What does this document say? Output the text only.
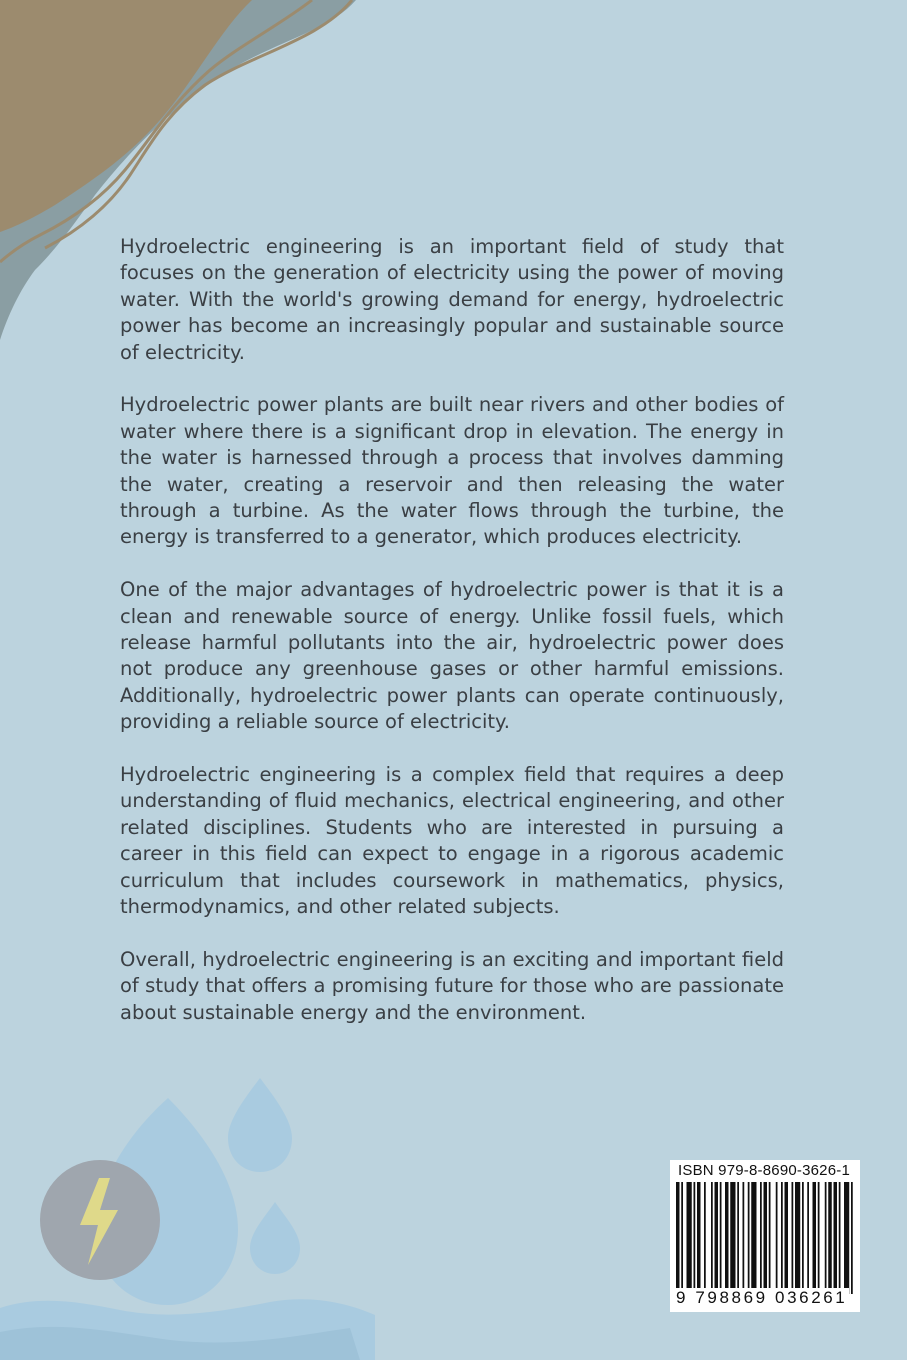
Hydroelectric engineering is an important field of study that focuses on the generation of electricity using the power of moving water. With the world's growing demand for energy, hydroelectric power has become an increasingly popular and sustainable source of electricity.

Hydroelectric power plants are built near rivers and other bodies of water where there is a significant drop in elevation. The energy in the water is harnessed through a process that involves damming the water, creating a reservoir and then releasing the water through a turbine. As the water flows through the turbine, the energy is transferred to a generator, which produces electricity.

One of the major advantages of hydroelectric power is that it is a clean and renewable source of energy. Unlike fossil fuels, which release harmful pollutants into the air, hydroelectric power does not produce any greenhouse gases or other harmful emissions. Additionally, hydroelectric power plants can operate continuously, providing a reliable source of electricity.

Hydroelectric engineering is a complex field that requires a deep understanding of fluid mechanics, electrical engineering, and other related disciplines. Students who are interested in pursuing a career in this field can expect to engage in a rigorous academic curriculum that includes coursework in mathematics, physics, thermodynamics, and other related subjects.

Overall, hydroelectric engineering is an exciting and important field of study that offers a promising future for those who are passionate about sustainable energy and the environment.

ISBN 979-8-8690-3626-1
9 798869 036261
